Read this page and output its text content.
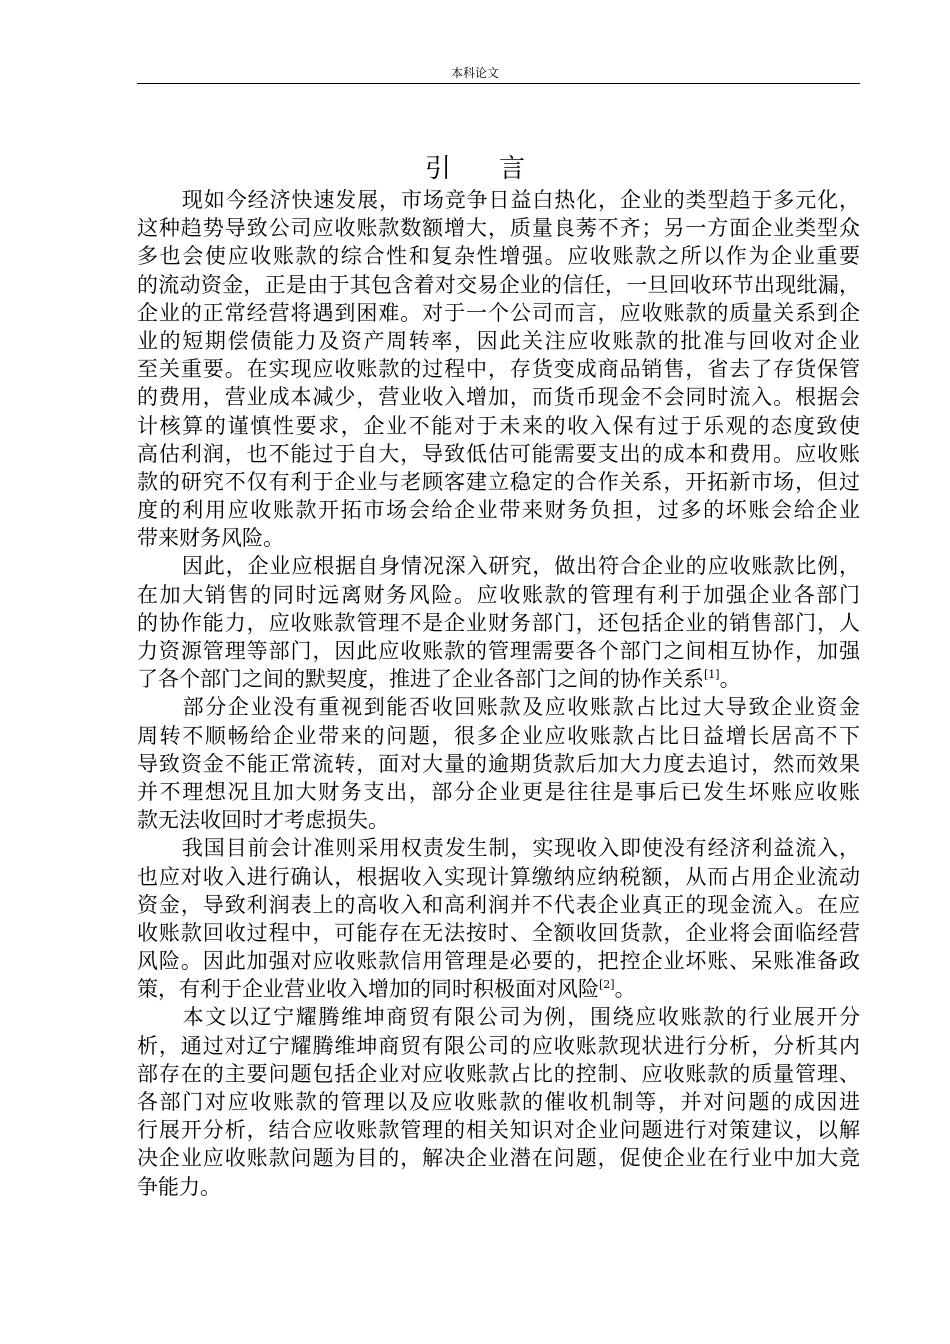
本科论文
引言
现如今经济快速发展，市场竞争日益白热化，企业的类型趋于多元化，
这种趋势导致公司应收账款数额增大，质量良莠不齐；另一方面企业类型众
多也会使应收账款的综合性和复杂性增强。应收账款之所以作为企业重要
的流动资金，正是由于其包含着对交易企业的信任，一旦回收环节出现纰漏，
企业的正常经营将遇到困难。对于一个公司而言，应收账款的质量关系到企
业的短期偿债能力及资产周转率，因此关注应收账款的批准与回收对企业
至关重要。在实现应收账款的过程中，存货变成商品销售，省去了存货保管
的费用，营业成本减少，营业收入增加，而货币现金不会同时流入。根据会
计核算的谨慎性要求，企业不能对于未来的收入保有过于乐观的态度致使
高估利润，也不能过于自大，导致低估可能需要支出的成本和费用。应收账
款的研究不仅有利于企业与老顾客建立稳定的合作关系，开拓新市场，但过
度的利用应收账款开拓市场会给企业带来财务负担，过多的坏账会给企业
带来财务风险。
因此，企业应根据自身情况深入研究，做出符合企业的应收账款比例，
在加大销售的同时远离财务风险。应收账款的管理有利于加强企业各部门
的协作能力，应收账款管理不是企业财务部门，还包括企业的销售部门，人
力资源管理等部门，因此应收账款的管理需要各个部门之间相互协作，加强
了各个部门之间的默契度，推进了企业各部门之间的协作关系[1]。
部分企业没有重视到能否收回账款及应收账款占比过大导致企业资金
周转不顺畅给企业带来的问题，很多企业应收账款占比日益增长居高不下
导致资金不能正常流转，面对大量的逾期货款后加大力度去追讨，然而效果
并不理想况且加大财务支出，部分企业更是往往是事后已发生坏账应收账
款无法收回时才考虑损失。
我国目前会计准则采用权责发生制，实现收入即使没有经济利益流入，
也应对收入进行确认，根据收入实现计算缴纳应纳税额，从而占用企业流动
资金，导致利润表上的高收入和高利润并不代表企业真正的现金流入。在应
收账款回收过程中，可能存在无法按时、全额收回货款，企业将会面临经营
风险。因此加强对应收账款信用管理是必要的，把控企业坏账、呆账准备政
策，有利于企业营业收入增加的同时积极面对风险[2]。
本文以辽宁耀腾维坤商贸有限公司为例，围绕应收账款的行业展开分
析，通过对辽宁耀腾维坤商贸有限公司的应收账款现状进行分析，分析其内
部存在的主要问题包括企业对应收账款占比的控制、应收账款的质量管理、
各部门对应收账款的管理以及应收账款的催收机制等，并对问题的成因进
行展开分析，结合应收账款管理的相关知识对企业问题进行对策建议，以解
决企业应收账款问题为目的，解决企业潜在问题，促使企业在行业中加大竞
争能力。
